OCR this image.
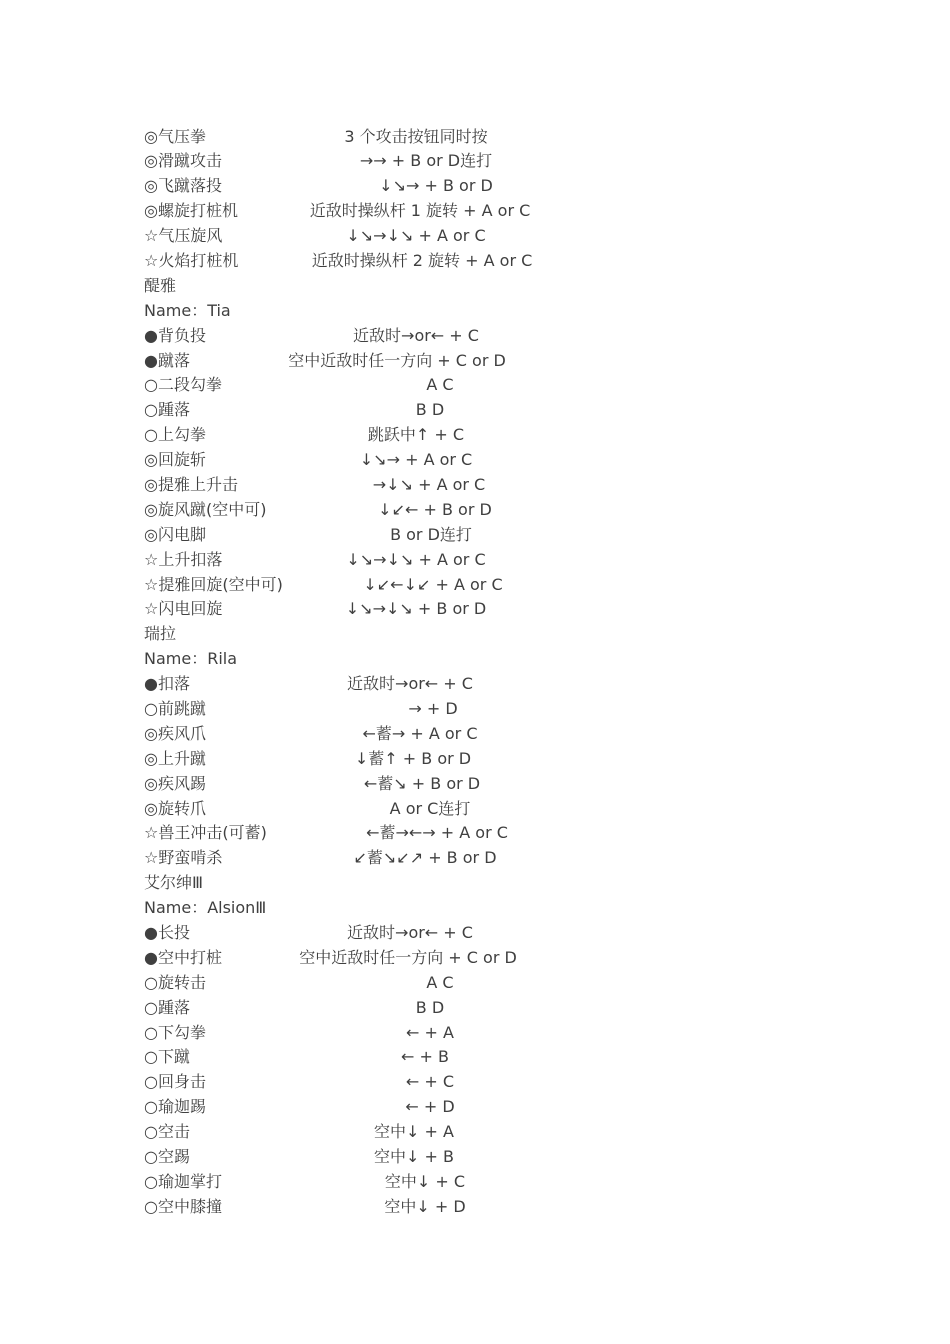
◎气压拳	3 个攻击按钮同时按
◎滑蹴攻击	→→ + B or D连打
◎飞蹴落投	↓↘→ + B or D
◎螺旋打桩机	近敌时操纵杆 1 旋转 + A or C
☆气压旋风	↓↘→↓↘ + A or C
☆火焰打桩机	近敌时操纵杆 2 旋转 + A or C
醍雅
Name：Tia
●背负投	近敌时→or← + C
●蹴落	空中近敌时任一方向 + C or D
○二段勾拳	A C
○踵落	B D
○上勾拳	跳跃中↑ + C
◎回旋斩	↓↘→ + A or C
◎提雅上升击	→↓↘ + A or C
◎旋风蹴(空中可)	↓↙← + B or D
◎闪电脚	B or D连打
☆上升扣落	↓↘→↓↘ + A or C
☆提雅回旋(空中可)	↓↙←↓↙ + A or C
☆闪电回旋	↓↘→↓↘ + B or D
瑞拉
Name：Rila
●扣落	近敌时→or← + C
○前跳蹴	→ + D
◎疾风爪	←蓄→ + A or C
◎上升蹴	↓蓄↑ + B or D
◎疾风踢	←蓄↘ + B or D
◎旋转爪	A or C连打
☆兽王冲击(可蓄)	←蓄→←→ + A or C
☆野蛮啃杀	↙蓄↘↙↗ + B or D
艾尔绅Ⅲ
Name：AlsionⅢ
●长投	近敌时→or← + C
●空中打桩	空中近敌时任一方向 + C or D
○旋转击	A C
○踵落	B D
○下勾拳	← + A
○下蹴	← + B
○回身击	← + C
○瑜迦踢	← + D
○空击	空中↓ + A
○空踢	空中↓ + B
○瑜迦掌打	空中↓ + C
○空中膝撞	空中↓ + D
